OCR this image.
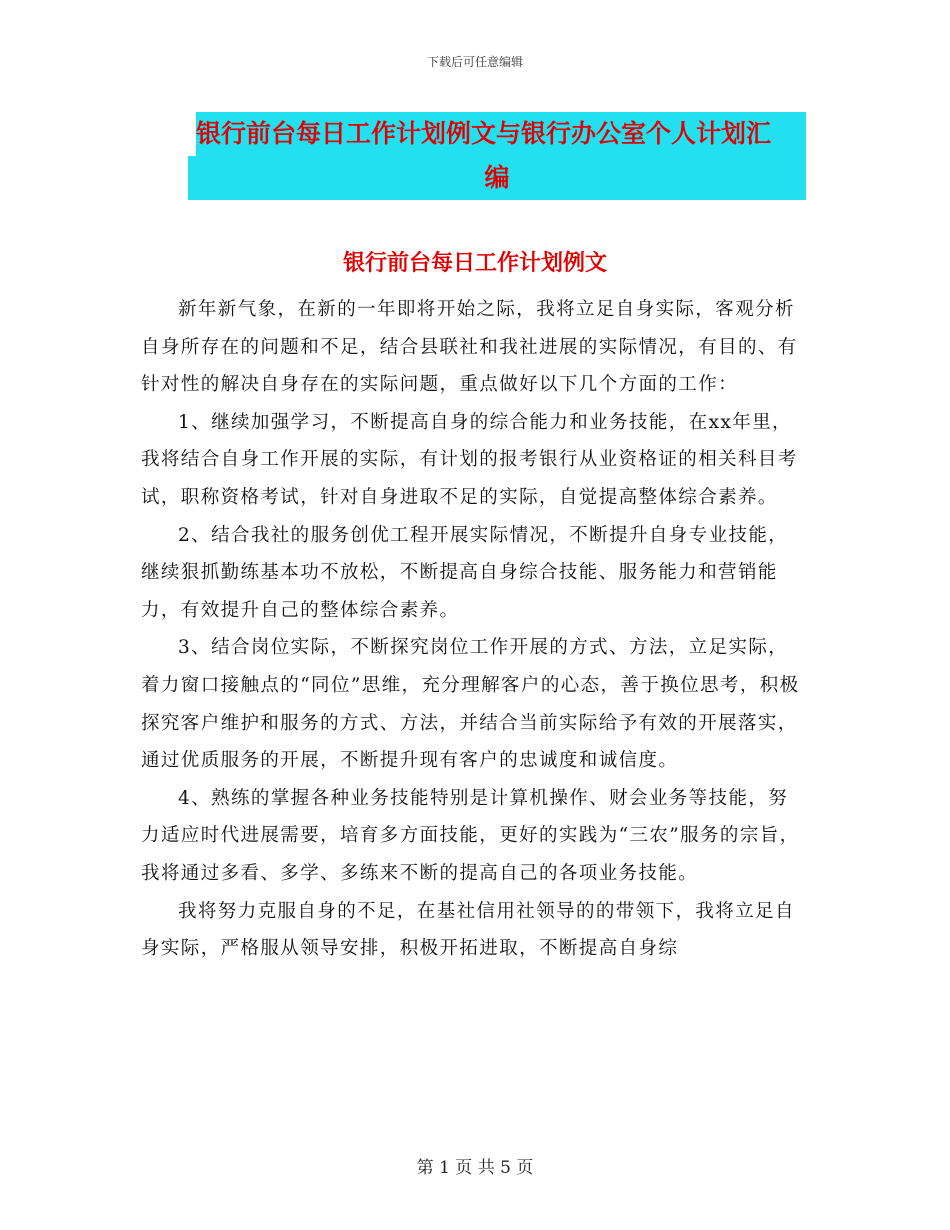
下载后可任意编辑
银行前台每日工作计划例文与银行办公室个人计划汇
编
银行前台每日工作计划例文

新年新气象，在新的一年即将开始之际，我将立足自身实际，客观分析自身所存在的问题和不足，结合县联社和我社进展的实际情况，有目的、有针对性的解决自身存在的实际问题，重点做好以下几个方面的工作：

1、继续加强学习，不断提高自身的综合能力和业务技能，在xx年里，我将结合自身工作开展的实际，有计划的报考银行从业资格证的相关科目考试，职称资格考试，针对自身进取不足的实际，自觉提高整体综合素养。

2、结合我社的服务创优工程开展实际情况，不断提升自身专业技能，继续狠抓勤练基本功不放松，不断提高自身综合技能、服务能力和营销能力，有效提升自己的整体综合素养。

3、结合岗位实际，不断探究岗位工作开展的方式、方法，立足实际，着力窗口接触点的“同位”思维，充分理解客户的心态，善于换位思考，积极探究客户维护和服务的方式、方法，并结合当前实际给予有效的开展落实，通过优质服务的开展，不断提升现有客户的忠诚度和诚信度。

4、熟练的掌握各种业务技能特别是计算机操作、财会业务等技能，努力适应时代进展需要，培育多方面技能，更好的实践为“三农”服务的宗旨，我将通过多看、多学、多练来不断的提高自己的各项业务技能。

我将努力克服自身的不足，在基社信用社领导的的带领下，我将立足自身实际，严格服从领导安排，积极开拓进取，不断提高自身综

第 1 页 共 5 页
